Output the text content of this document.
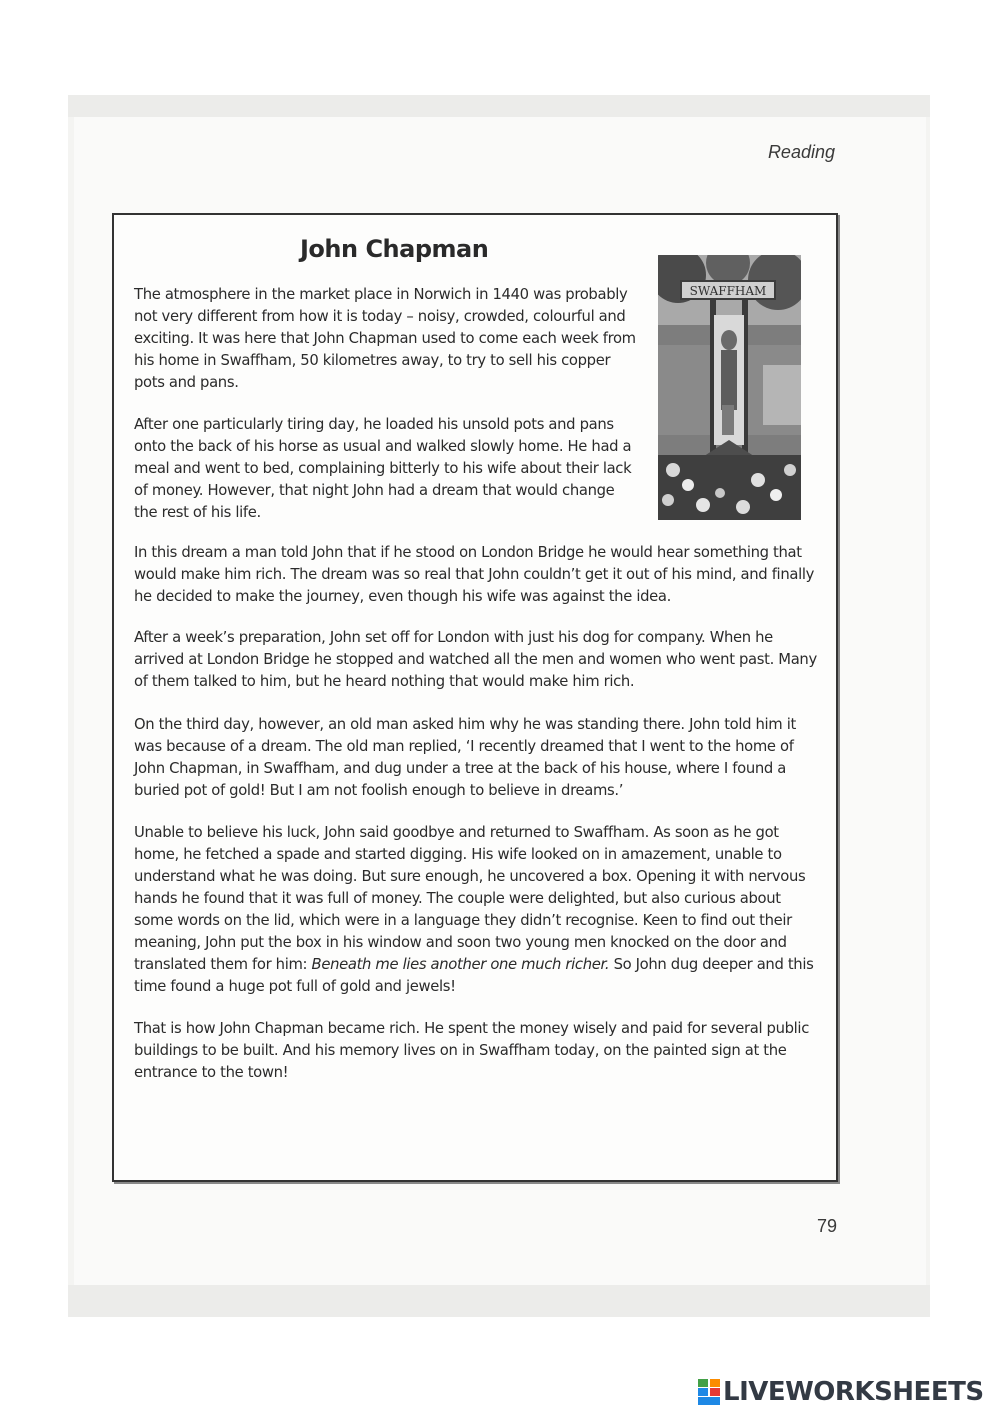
Reading
John Chapman
SWAFFHAM

The atmosphere in the market place in Norwich in 1440 was probably not very different from how it is today – noisy, crowded, colourful and exciting. It was here that John Chapman used to come each week from his home in Swaffham, 50 kilometres away, to try to sell his copper pots and pans.

After one particularly tiring day, he loaded his unsold pots and pans onto the back of his horse as usual and walked slowly home. He had a meal and went to bed, complaining bitterly to his wife about their lack of money. However, that night John had a dream that would change the rest of his life.

In this dream a man told John that if he stood on London Bridge he would hear something that would make him rich. The dream was so real that John couldn’t get it out of his mind, and finally he decided to make the journey, even though his wife was against the idea.

After a week’s preparation, John set off for London with just his dog for company. When he arrived at London Bridge he stopped and watched all the men and women who went past. Many of them talked to him, but he heard nothing that would make him rich.

On the third day, however, an old man asked him why he was standing there. John told him it was because of a dream. The old man replied, ‘I recently dreamed that I went to the home of John Chapman, in Swaffham, and dug under a tree at the back of his house, where I found a buried pot of gold! But I am not foolish enough to believe in dreams.’

Unable to believe his luck, John said goodbye and returned to Swaffham. As soon as he got home, he fetched a spade and started digging. His wife looked on in amazement, unable to understand what he was doing. But sure enough, he uncovered a box. Opening it with nervous hands he found that it was full of money. The couple were delighted, but also curious about some words on the lid, which were in a language they didn’t recognise. Keen to find out their meaning, John put the box in his window and soon two young men knocked on the door and translated them for him: Beneath me lies another one much richer. So John dug deeper and this time found a huge pot full of gold and jewels!

That is how John Chapman became rich. He spent the money wisely and paid for several public buildings to be built. And his memory lives on in Swaffham today, on the painted sign at the entrance to the town!

79
LIVEWORKSHEETS
